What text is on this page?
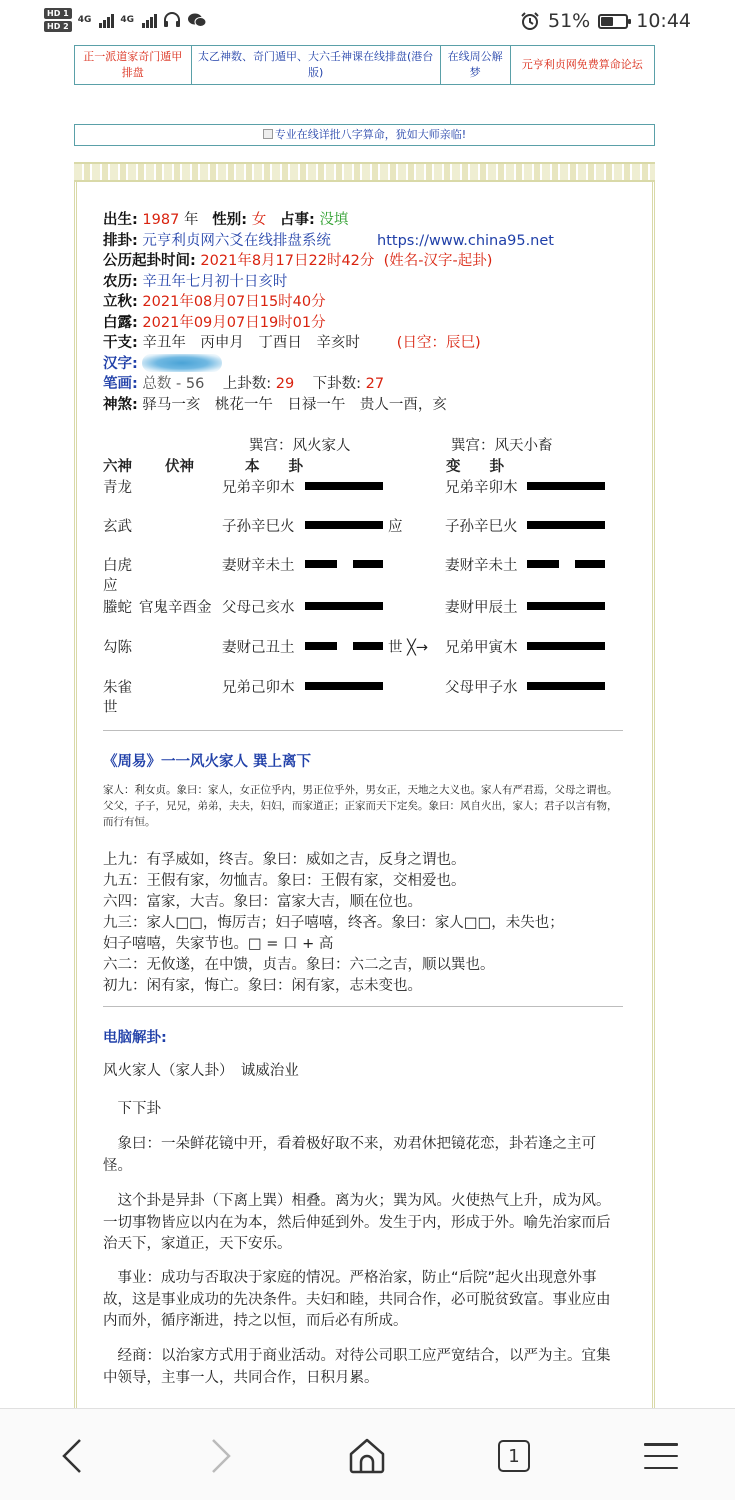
HD 1
HD 2
4G	4G	51% 10:44
正一派道家奇门遁甲排盘
太乙神数、奇门遁甲、大六壬神课在线排盘(港台版)
在线周公解梦
元亨利贞网免费算命论坛
专业在线详批八字算命，犹如大师亲临!
出生: 1987 年 性别: 女 占事: 没填
排卦: 元亨利贞网六爻在线排盘系统	https://www.china95.net
公历起卦时间: 2021年8月17日22时42分 (姓名-汉字-起卦)
农历: 辛丑年七月初十日亥时
立秋: 2021年08月07日15时40分
白露: 2021年09月07日19时01分
干支: 辛丑年　丙申月　丁酉日　辛亥时	(日空：辰巳)
汉字:
笔画: 总数 - 56 上卦数: 29 下卦数: 27
神煞: 驿马一亥　桃花一午　日禄一午　贵人一酉，亥
巽宫：风火家人	巽宫：风天小畜
六神 伏神	本　　卦	变　　卦
青龙	兄弟辛卯木	兄弟辛卯木
玄武	子孙辛巳火	应	子孙辛巳火
白虎	妻财辛未土	妻财辛未土
应
螣蛇 官鬼辛酉金 父母己亥水	妻财甲辰土
勾陈	妻财己丑土	世 ╳→ 兄弟甲寅木
朱雀	兄弟己卯木	父母甲子水
世
《周易》一一风火家人 巽上离下
家人：利女贞。象曰：家人，女正位乎内，男正位乎外，男女正，天地之大义也。家人有严君焉，父母之谓也。父父，子子，兄兄，弟弟，夫夫，妇妇，而家道正；正家而天下定矣。象曰：风自火出，家人；君子以言有物，而行有恒。
上九：有孚威如，终吉。象曰：威如之吉，反身之谓也。
九五：王假有家，勿恤吉。象曰：王假有家，交相爱也。
六四：富家，大吉。象曰：富家大吉，顺在位也。
九三：家人□□，悔厉吉；妇子嘻嘻，终吝。象曰：家人□□，未失也；
妇子嘻嘻，失家节也。□ = 口 + 高
六二：无攸遂，在中馈，贞吉。象曰：六二之吉，顺以巽也。
初九：闲有家，悔亡。象曰：闲有家，志未变也。
电脑解卦:
风火家人（家人卦）　诚威治业
　下下卦
　象曰：一朵鲜花镜中开，看着极好取不来，劝君休把镜花恋，卦若逢之主可怪。
　这个卦是异卦（下离上巽）相叠。离为火；巽为风。火使热气上升，成为风。一切事物皆应以内在为本，然后伸延到外。发生于内，形成于外。喻先治家而后治天下，家道正，天下安乐。
　事业：成功与否取决于家庭的情况。严格治家，防止“后院”起火出现意外事故，这是事业成功的先决条件。夫妇和睦，共同合作，必可脱贫致富。事业应由内而外，循序渐进，持之以恒，而后必有所成。
　经商：以治家方式用于商业活动。对待公司职工应严宽结合，以严为主。宜集中领导，主事一人，共同合作，日积月累。
1
